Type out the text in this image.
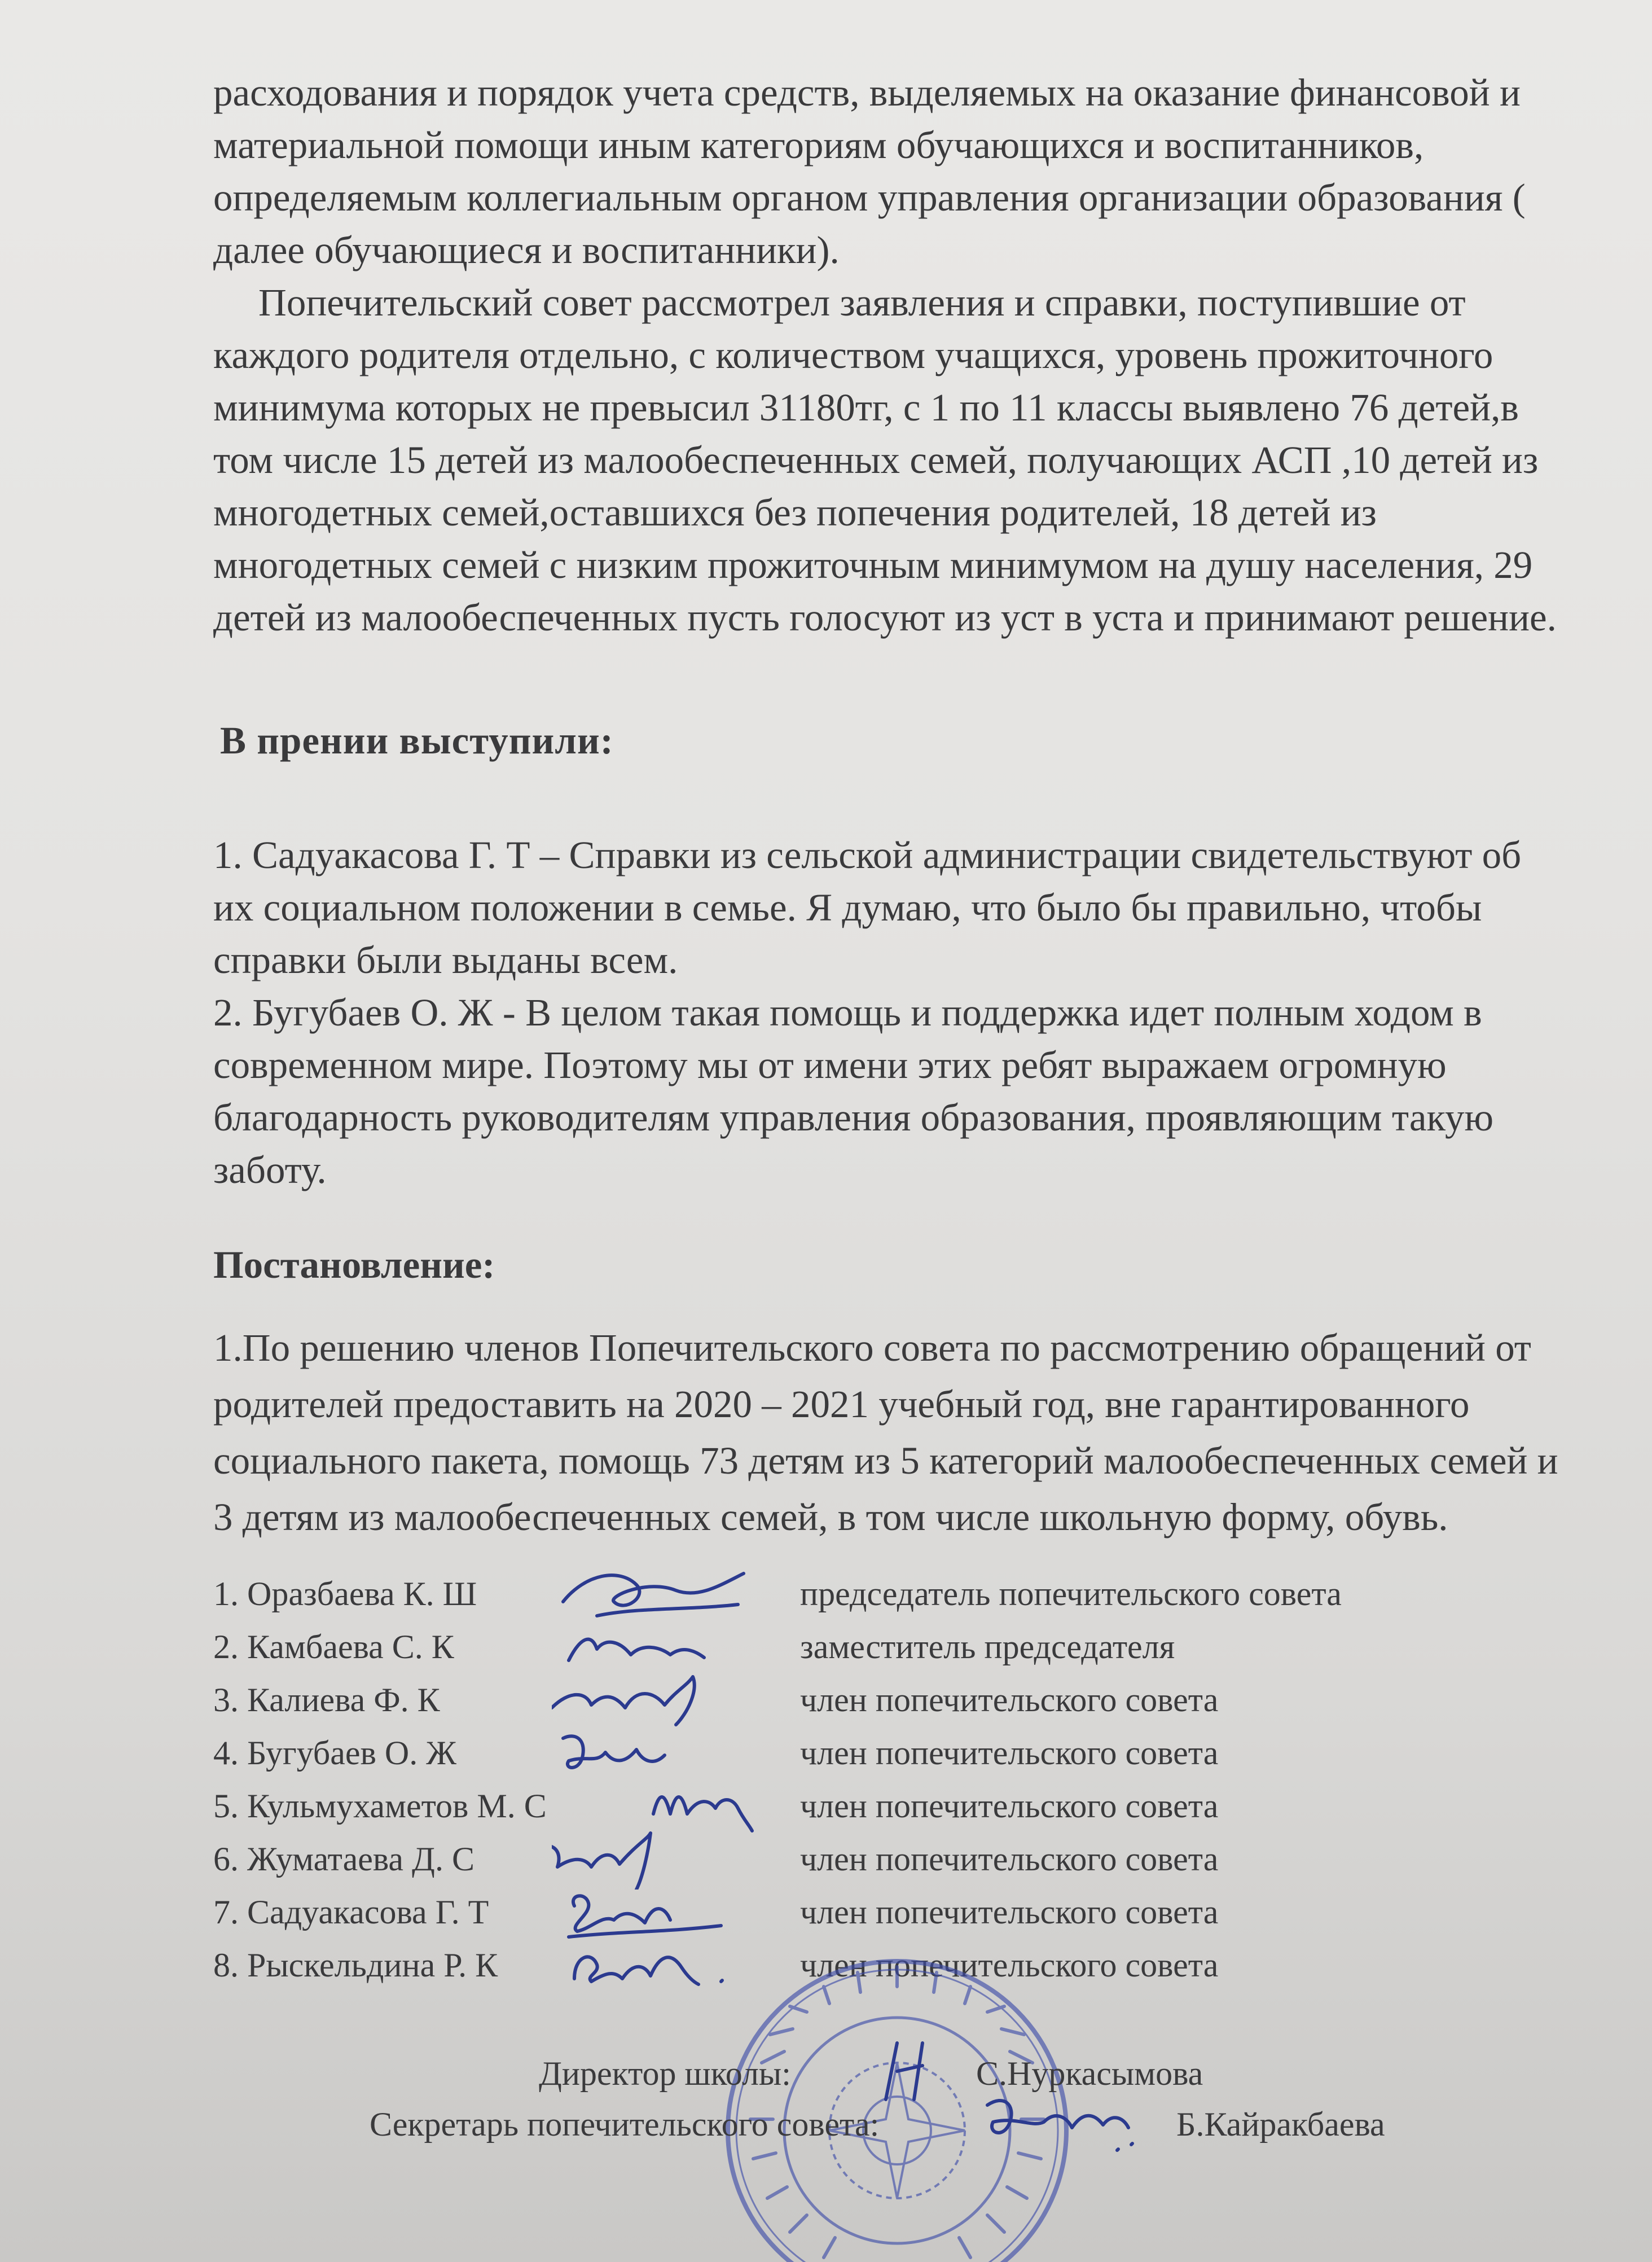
расходования и порядок учета средств, выделяемых на оказание финансовой и материальной помощи иным категориям обучающихся и воспитанников, определяемым коллегиальным органом управления организации образования ( далее обучающиеся и воспитанники).

Попечительский совет рассмотрел заявления и справки, поступившие от каждого родителя отдельно, с количеством учащихся, уровень прожиточного минимума которых не превысил 31180тг, с 1 по 11 классы выявлено 76 детей,в том числе 15 детей из малообеспеченных семей, получающих АСП ,10 детей из многодетных семей,оставшихся без попечения родителей, 18 детей из многодетных семей с низким прожиточным минимумом на душу населения, 29 детей из малообеспеченных пусть голосуют из уст в уста и принимают решение.

В прении выступили:

1. Садуакасова Г. Т – Справки из сельской администрации свидетельствуют об их социальном положении в семье. Я думаю, что было бы правильно, чтобы справки были выданы всем.

2. Бугубаев О. Ж - В целом такая помощь и поддержка идет полным ходом в современном мире. Поэтому мы от имени этих ребят выражаем огромную благодарность руководителям управления образования, проявляющим такую заботу.

Постановление:

1.По решению членов Попечительского совета по рассмотрению обращений от родителей предоставить на 2020 – 2021 учебный год, вне гарантированного социального пакета, помощь 73 детям из 5 категорий малообеспеченных семей и 3 детям из малообеспеченных семей, в том числе школьную форму, обувь.

1. Оразбаева К. Ш	председатель попечительского совета
2. Камбаева С. К	заместитель председателя
3. Калиева Ф. К	член попечительского совета
4. Бугубаев О. Ж	член попечительского совета
5. Кульмухаметов М. С	член попечительского совета
6. Жуматаева Д. С	член попечительского совета
7. Садуакасова Г. Т	член попечительского совета
8. Рыскельдина Р. К	член попечительского совета
Директор школы:	С.Нуркасымова
Секретарь попечительского совета:	Б.Кайракбаева
